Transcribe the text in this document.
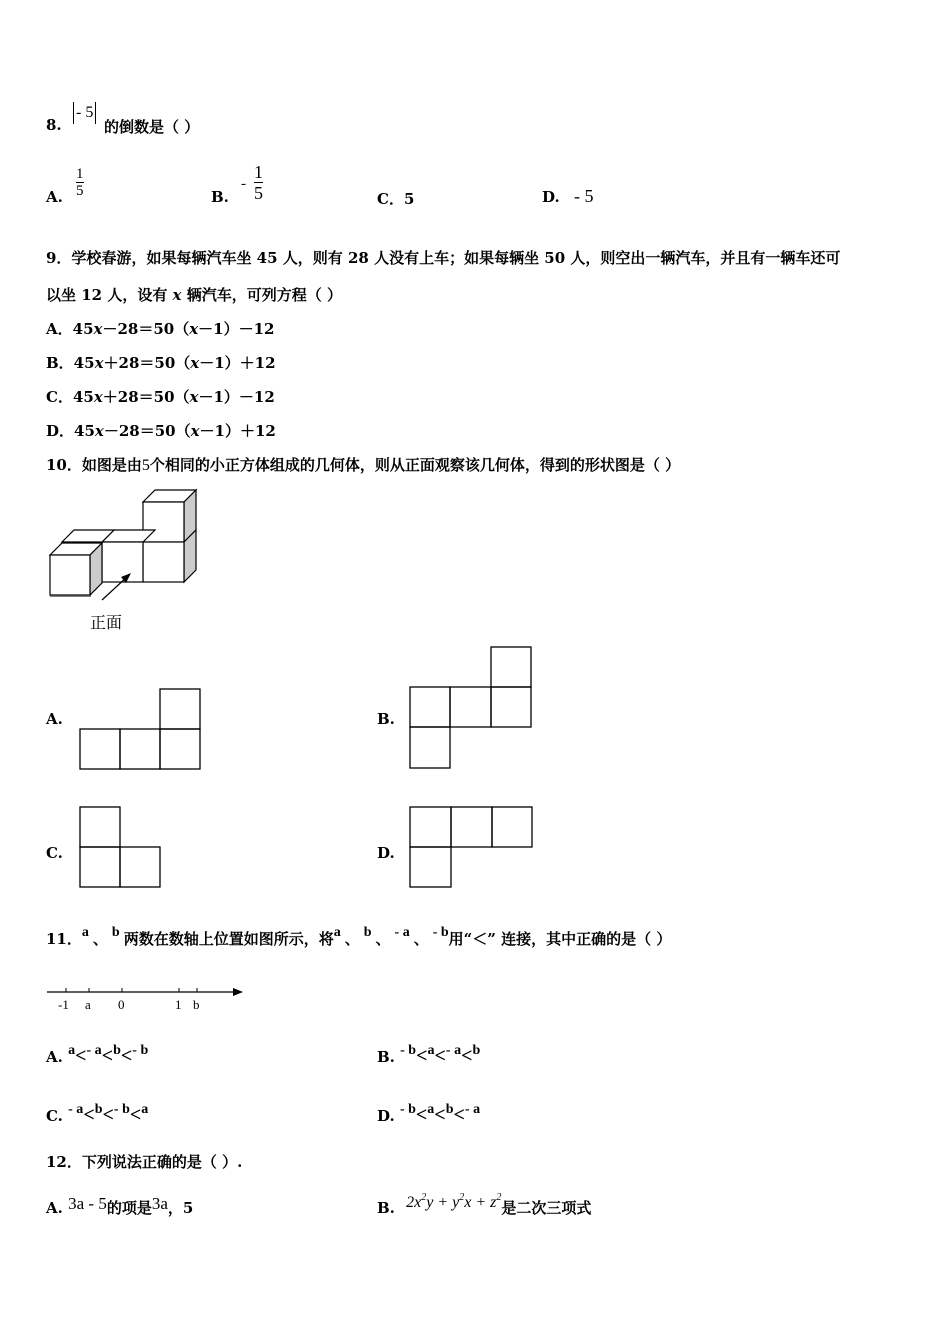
8.
- 5
的倒数是（ ）
A. $\frac{1}{5}$	B.
- $\frac{1}{5}$	C．5	D. - 5
9．学校春游，如果每辆汽车坐 45 人，则有 28 人没有上车；如果每辆坐 50 人，则空出一辆汽车，并且有一辆车还可
以坐 12 人，设有 x 辆汽车，可列方程（ ）
A．45x－28＝50（x－1）－12
B．45x＋28＝50（x－1）＋12
C．45x＋28＝50（x－1）－12
D．45x－28＝50（x－1）＋12
10．如图是由5个相同的小正方体组成的几何体，则从正面观察该几何体，得到的形状图是（ ）
正面
A.	B.
C.	D.
11．a 、 b 两数在数轴上位置如图所示，将a 、 b 、 - a 、 - b用“＜” 连接，其中正确的是（ ）
-1 a 0	1 b
A. a<- a<b<- b	B. - b<a<- a<b
C. - a<b<- b<a	D. - b<a<b<- a
12．下列说法正确的是（ ）.
A. 3a - 5的项是3a，5	B. $2x^2y + y^2x + z^2$是二次三项式
